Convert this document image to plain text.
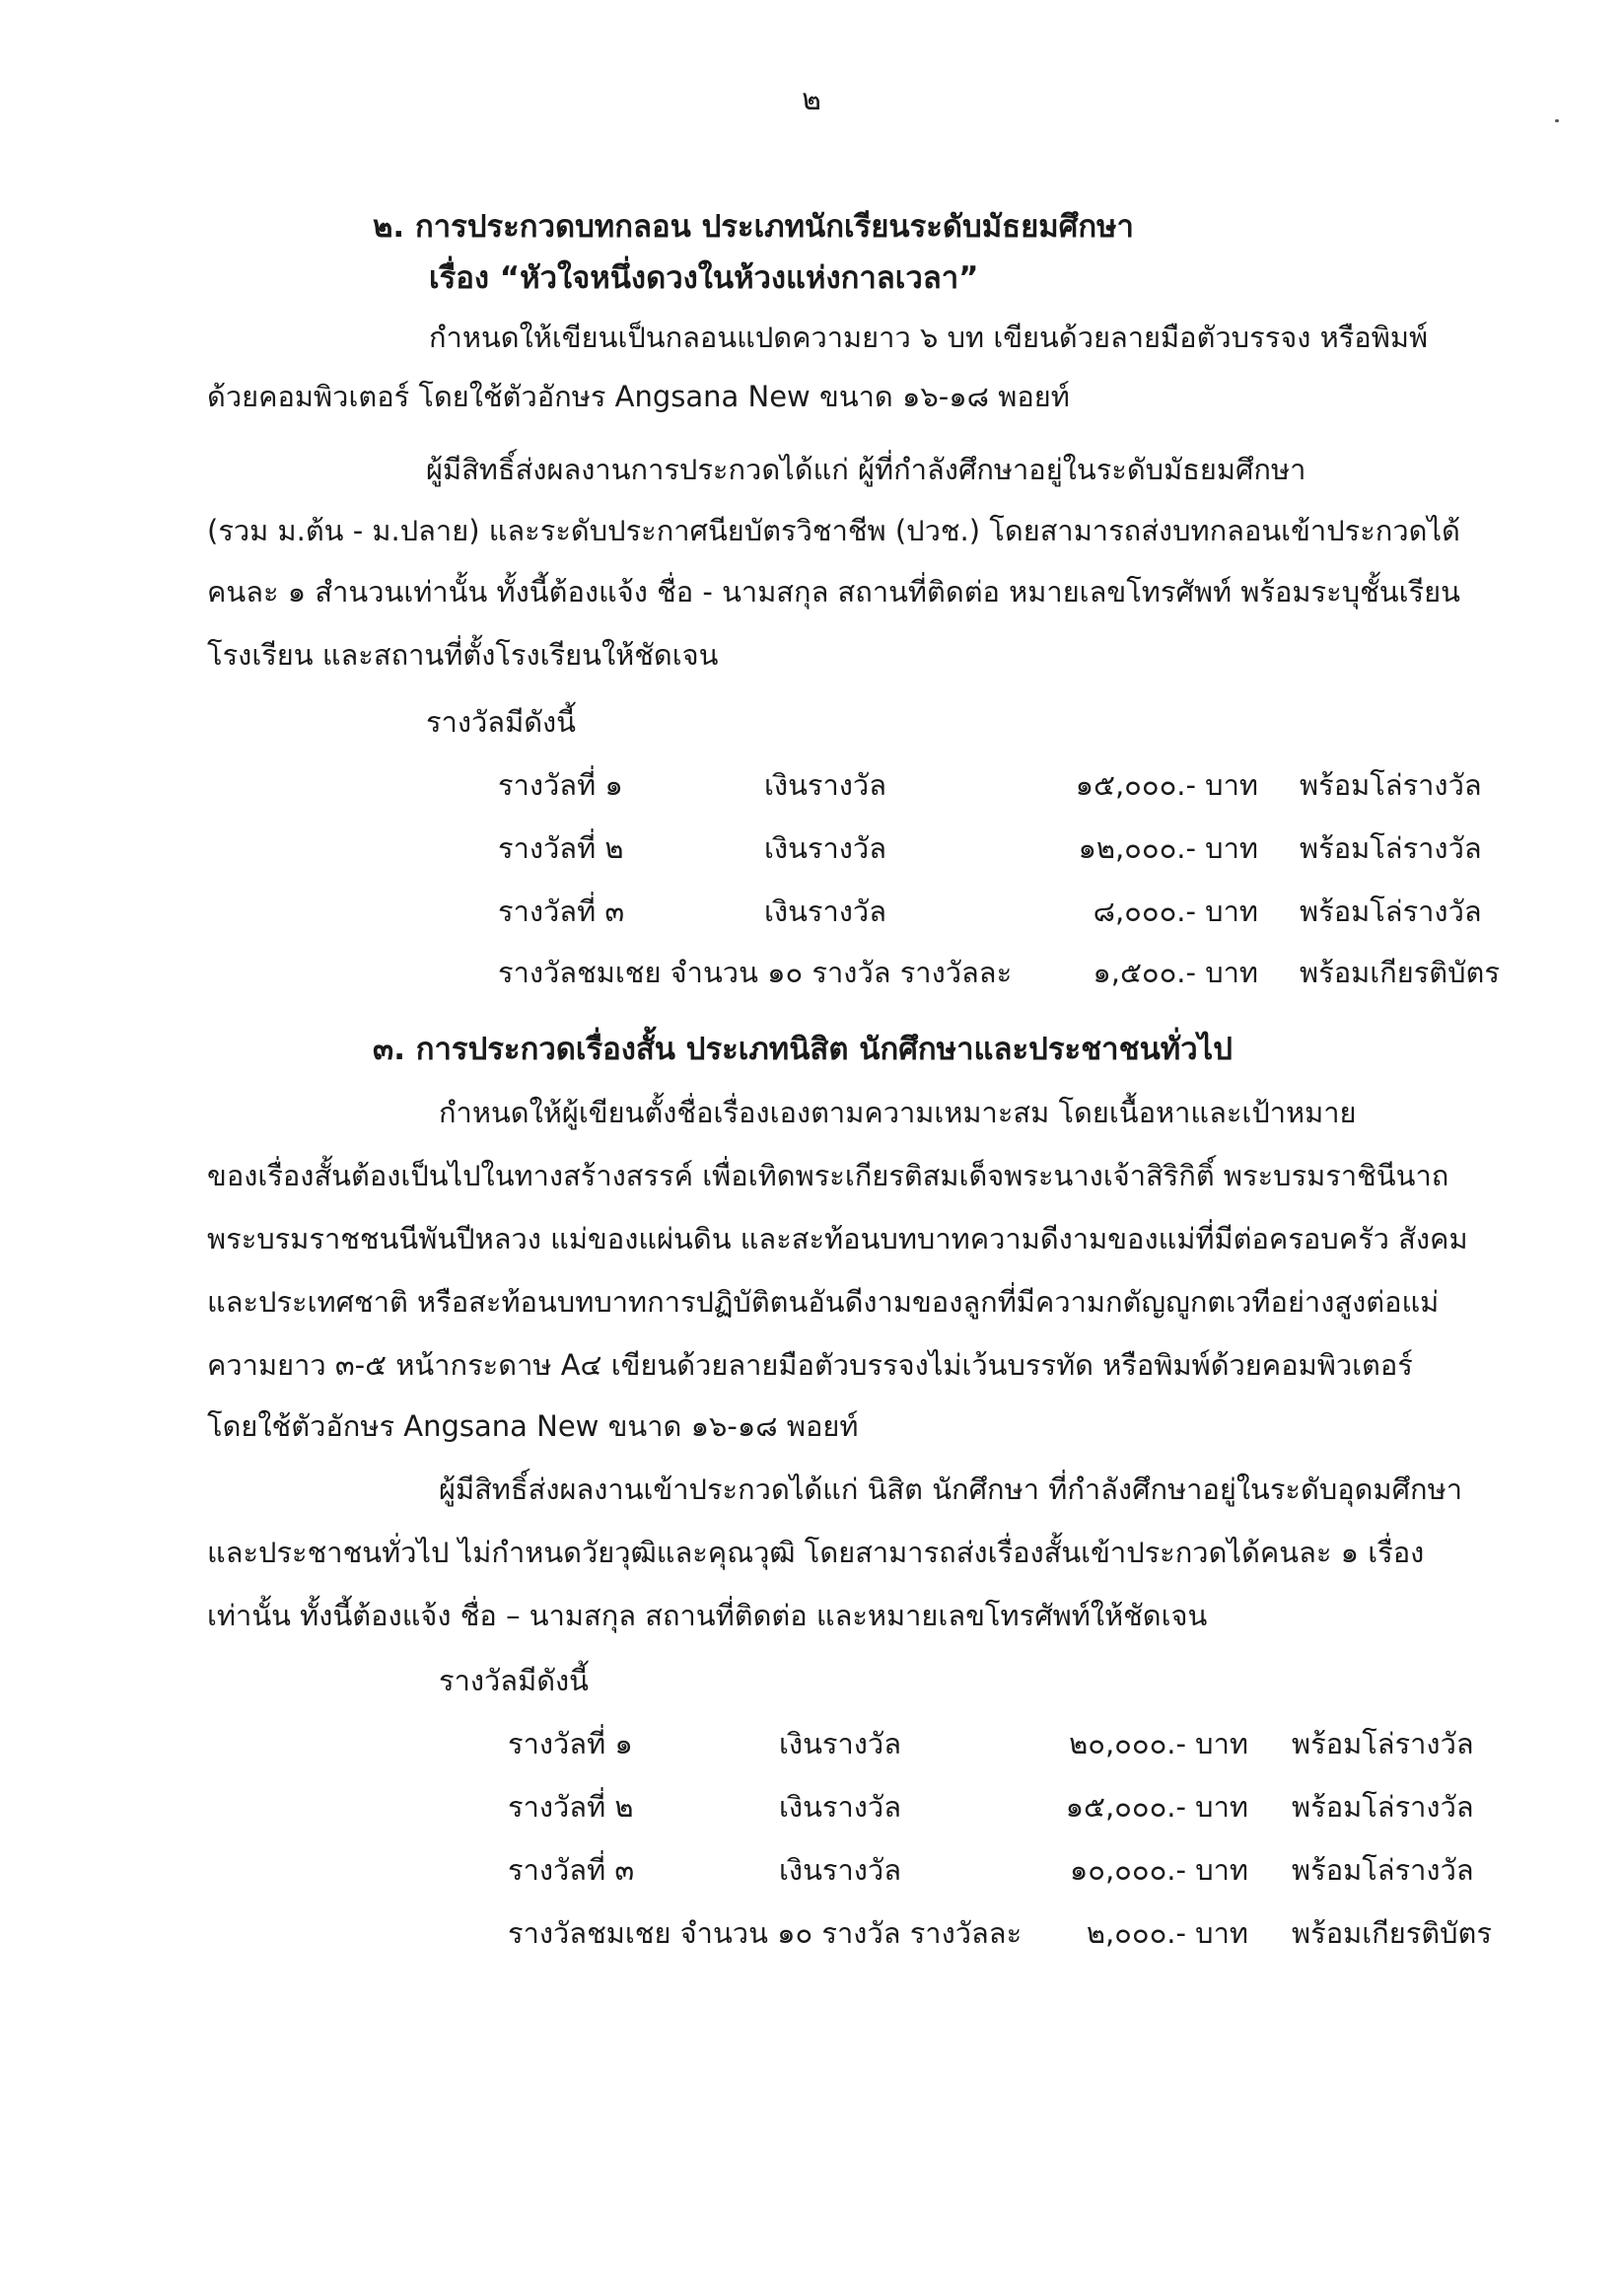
๒
๒. การประกวดบทกลอน ประเภทนักเรียนระดับมัธยมศึกษา
เรื่อง “หัวใจหนึ่งดวงในห้วงแห่งกาลเวลา”
กำหนดให้เขียนเป็นกลอนแปดความยาว ๖ บท เขียนด้วยลายมือตัวบรรจง หรือพิมพ์
ด้วยคอมพิวเตอร์ โดยใช้ตัวอักษร Angsana New ขนาด ๑๖-๑๘ พอยท์
ผู้มีสิทธิ์ส่งผลงานการประกวดได้แก่ ผู้ที่กำลังศึกษาอยู่ในระดับมัธยมศึกษา
(รวม ม.ต้น - ม.ปลาย) และระดับประกาศนียบัตรวิชาชีพ (ปวช.) โดยสามารถส่งบทกลอนเข้าประกวดได้
คนละ ๑ สำนวนเท่านั้น ทั้งนี้ต้องแจ้ง ชื่อ - นามสกุล สถานที่ติดต่อ หมายเลขโทรศัพท์ พร้อมระบุชั้นเรียน
โรงเรียน และสถานที่ตั้งโรงเรียนให้ชัดเจน
รางวัลมีดังนี้
รางวัลที่ ๑	เงินรางวัล	๑๕,๐๐๐.- บาท พร้อมโล่รางวัล
รางวัลที่ ๒	เงินรางวัล	๑๒,๐๐๐.- บาท พร้อมโล่รางวัล
รางวัลที่ ๓	เงินรางวัล	๘,๐๐๐.- บาท พร้อมโล่รางวัล
รางวัลชมเชย จำนวน ๑๐ รางวัล รางวัลละ	๑,๕๐๐.- บาท พร้อมเกียรติบัตร
๓. การประกวดเรื่องสั้น ประเภทนิสิต นักศึกษาและประชาชนทั่วไป
กำหนดให้ผู้เขียนตั้งชื่อเรื่องเองตามความเหมาะสม โดยเนื้อหาและเป้าหมาย
ของเรื่องสั้นต้องเป็นไปในทางสร้างสรรค์ เพื่อเทิดพระเกียรติสมเด็จพระนางเจ้าสิริกิติ์ พระบรมราชินีนาถ
พระบรมราชชนนีพันปีหลวง แม่ของแผ่นดิน และสะท้อนบทบาทความดีงามของแม่ที่มีต่อครอบครัว สังคม
และประเทศชาติ หรือสะท้อนบทบาทการปฏิบัติตนอันดีงามของลูกที่มีความกตัญญูกตเวทีอย่างสูงต่อแม่
ความยาว ๓-๕ หน้ากระดาษ A๔ เขียนด้วยลายมือตัวบรรจงไม่เว้นบรรทัด หรือพิมพ์ด้วยคอมพิวเตอร์
โดยใช้ตัวอักษร Angsana New ขนาด ๑๖-๑๘ พอยท์
ผู้มีสิทธิ์ส่งผลงานเข้าประกวดได้แก่ นิสิต นักศึกษา ที่กำลังศึกษาอยู่ในระดับอุดมศึกษา
และประชาชนทั่วไป ไม่กำหนดวัยวุฒิและคุณวุฒิ โดยสามารถส่งเรื่องสั้นเข้าประกวดได้คนละ ๑ เรื่อง
เท่านั้น ทั้งนี้ต้องแจ้ง ชื่อ – นามสกุล สถานที่ติดต่อ และหมายเลขโทรศัพท์ให้ชัดเจน
รางวัลมีดังนี้
รางวัลที่ ๑	เงินรางวัล	๒๐,๐๐๐.- บาท พร้อมโล่รางวัล
รางวัลที่ ๒	เงินรางวัล	๑๕,๐๐๐.- บาท พร้อมโล่รางวัล
รางวัลที่ ๓	เงินรางวัล	๑๐,๐๐๐.- บาท พร้อมโล่รางวัล
รางวัลชมเชย จำนวน ๑๐ รางวัล รางวัลละ ๒,๐๐๐.- บาท พร้อมเกียรติบัตร
